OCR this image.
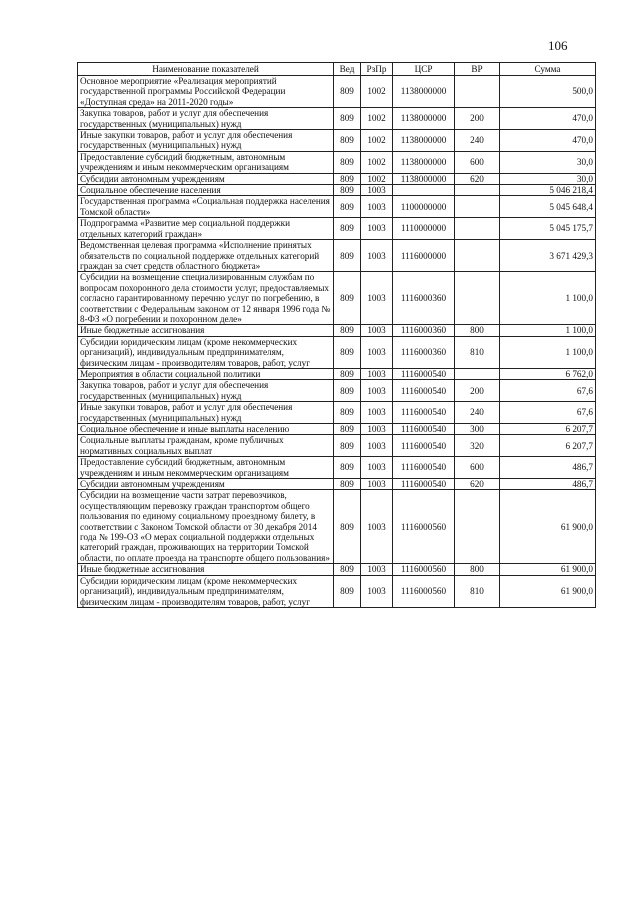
106
Наименование показателей	Вед	РзПр	ЦСР	ВР	Сумма
Основное мероприятие «Реализация мероприятий государственной программы Российской Федерации «Доступная среда» на 2011-2020 годы»	809	1002	1138000000		500,0
Закупка товаров, работ и услуг для обеспечения государственных (муниципальных) нужд	809	1002	1138000000	200	470,0
Иные закупки товаров, работ и услуг для обеспечения государственных (муниципальных) нужд	809	1002	1138000000	240	470,0
Предоставление субсидий бюджетным, автономным учреждениям и иным некоммерческим организациям	809	1002	1138000000	600	30,0
Субсидии автономным учреждениям	809	1002	1138000000	620	30,0
Социальное обеспечение населения	809	1003			5 046 218,4
Государственная программа «Социальная поддержка населения Томской области»	809	1003	1100000000		5 045 648,4
Подпрограмма «Развитие мер социальной поддержки отдельных категорий граждан»	809	1003	1110000000		5 045 175,7
Ведомственная целевая программа «Исполнение принятых обязательств по социальной поддержке отдельных категорий граждан за счет средств областного бюджета»	809	1003	1116000000		3 671 429,3
Субсидии на возмещение специализированным службам по вопросам похоронного дела стоимости услуг, предоставляемых согласно гарантированному перечню услуг по погребению, в соответствии с Федеральным законом от 12 января 1996 года № 8-ФЗ «О погребении и похоронном деле»	809	1003	1116000360		1 100,0
Иные бюджетные ассигнования	809	1003	1116000360	800	1 100,0
Субсидии юридическим лицам (кроме некоммерческих организаций), индивидуальным предпринимателям, физическим лицам - производителям товаров, работ, услуг	809	1003	1116000360	810	1 100,0
Мероприятия в области социальной политики	809	1003	1116000540		6 762,0
Закупка товаров, работ и услуг для обеспечения государственных (муниципальных) нужд	809	1003	1116000540	200	67,6
Иные закупки товаров, работ и услуг для обеспечения государственных (муниципальных) нужд	809	1003	1116000540	240	67,6
Социальное обеспечение и иные выплаты населению	809	1003	1116000540	300	6 207,7
Социальные выплаты гражданам, кроме публичных нормативных социальных выплат	809	1003	1116000540	320	6 207,7
Предоставление субсидий бюджетным, автономным учреждениям и иным некоммерческим организациям	809	1003	1116000540	600	486,7
Субсидии автономным учреждениям	809	1003	1116000540	620	486,7
Субсидии на возмещение части затрат перевозчиков, осуществляющим перевозку граждан транспортом общего пользования по единому социальному проездному билету, в соответствии с Законом Томской области от 30 декабря 2014 года № 199-ОЗ «О мерах социальной поддержки отдельных категорий граждан, проживающих на территории Томской области, по оплате проезда на транспорте общего пользования»	809	1003	1116000560		61 900,0
Иные бюджетные ассигнования	809	1003	1116000560	800	61 900,0
Субсидии юридическим лицам (кроме некоммерческих организаций), индивидуальным предпринимателям, физическим лицам - производителям товаров, работ, услуг	809	1003	1116000560	810	61 900,0
